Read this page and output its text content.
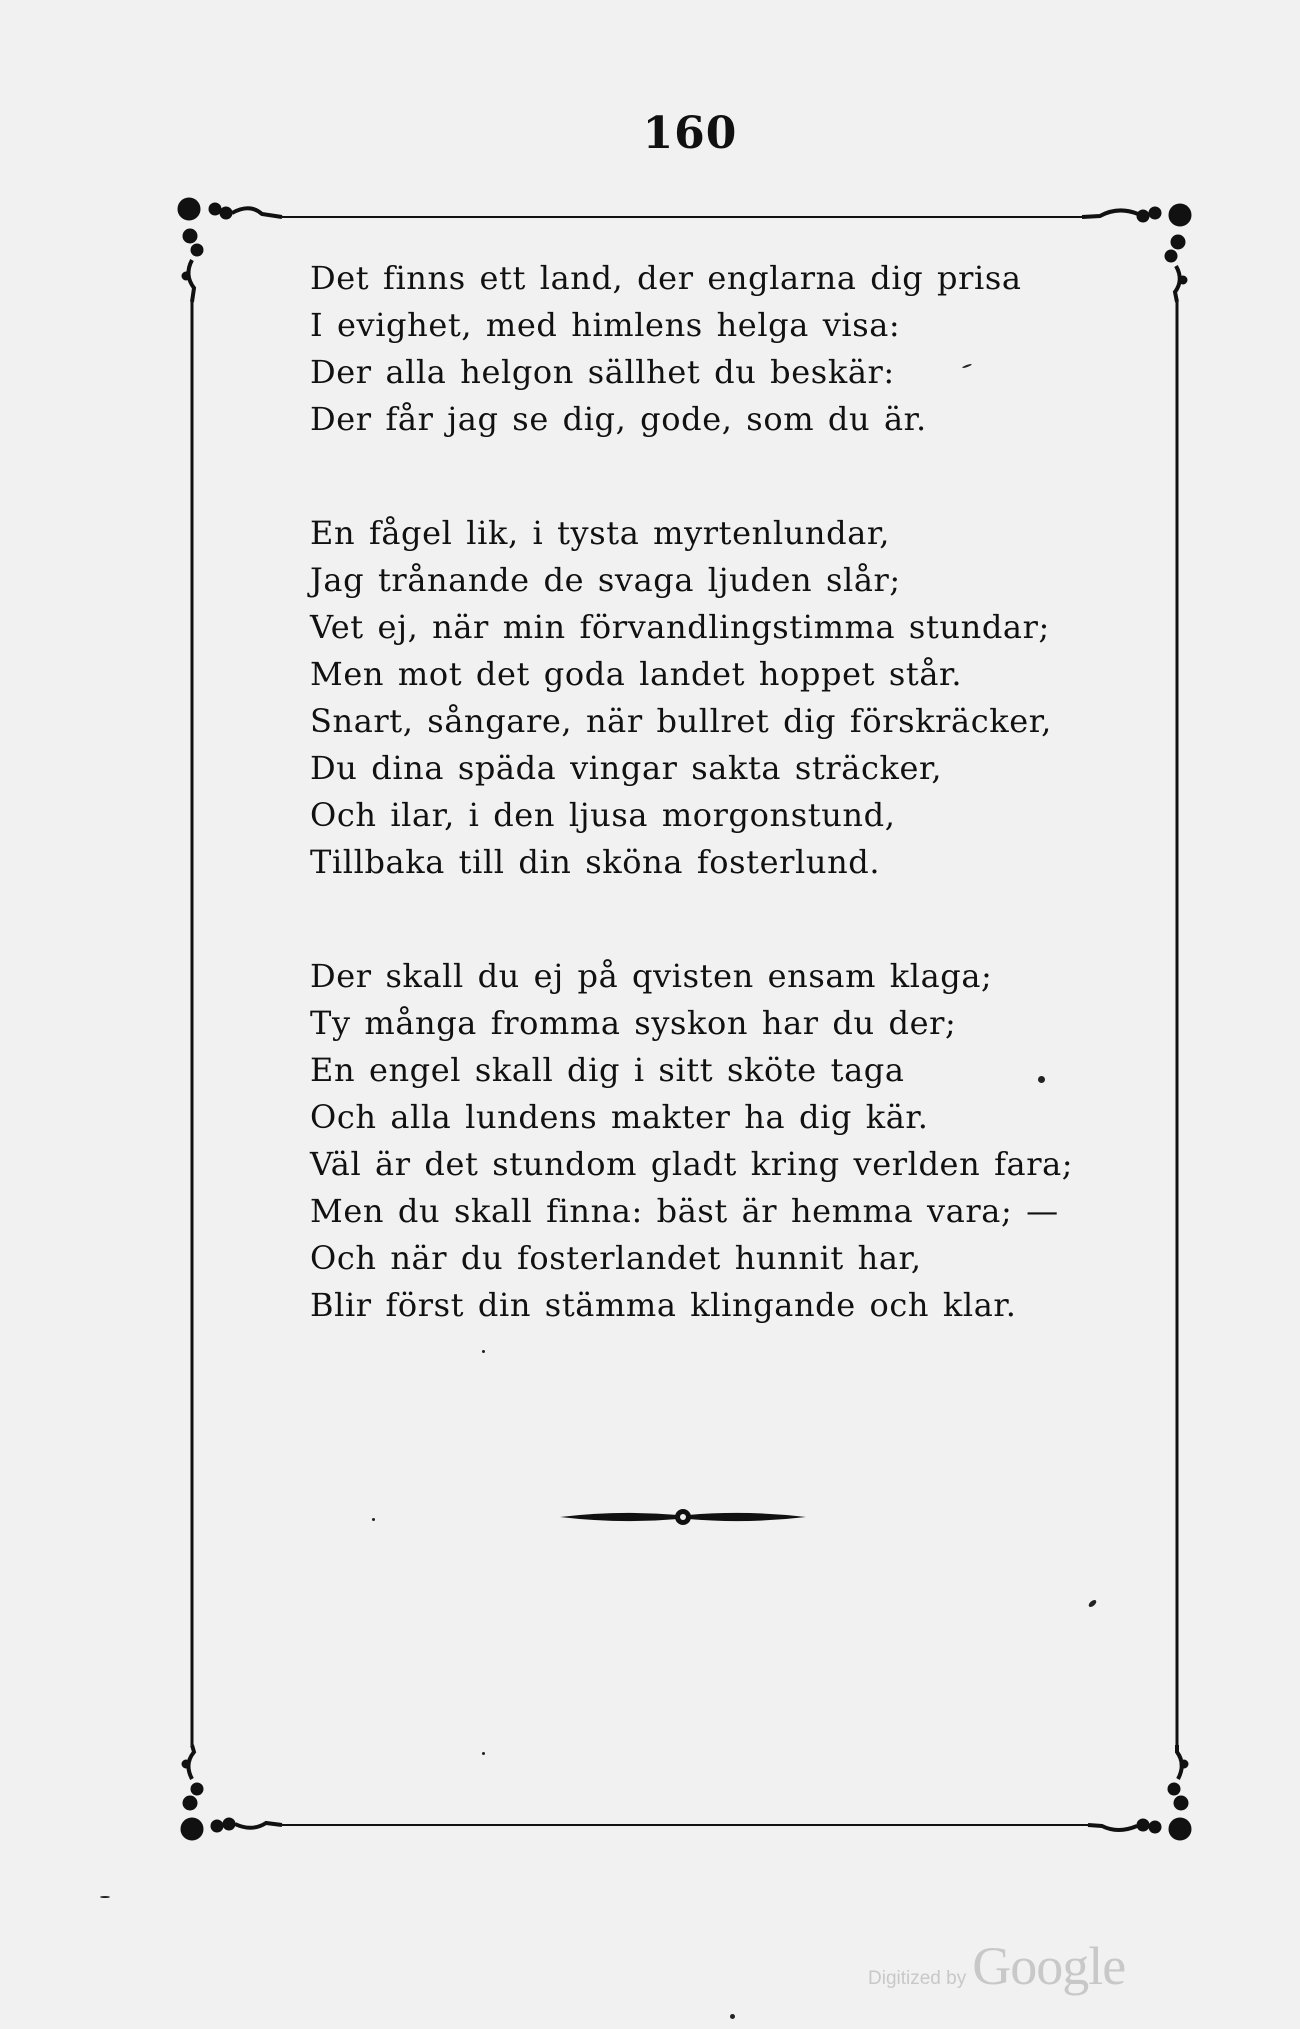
160
Det finns ett land, der englarna dig prisa
I evighet, med himlens helga visa:
Der alla helgon sällhet du beskär:
Der får jag se dig, gode, som du är.
En fågel lik, i tysta myrtenlundar,
Jag trånande de svaga ljuden slår;
Vet ej, när min förvandlingstimma stundar;
Men mot det goda landet hoppet står.
Snart, sångare, när bullret dig förskräcker,
Du dina späda vingar sakta sträcker,
Och ilar, i den ljusa morgonstund,
Tillbaka till din sköna fosterlund.
Der skall du ej på qvisten ensam klaga;
Ty många fromma syskon har du der;
En engel skall dig i sitt sköte taga
Och alla lundens makter ha dig kär.
Väl är det stundom gladt kring verlden fara;
Men du skall finna: bäst är hemma vara; —
Och när du fosterlandet hunnit har,
Blir först din stämma klingande och klar.
Digitized by Google
